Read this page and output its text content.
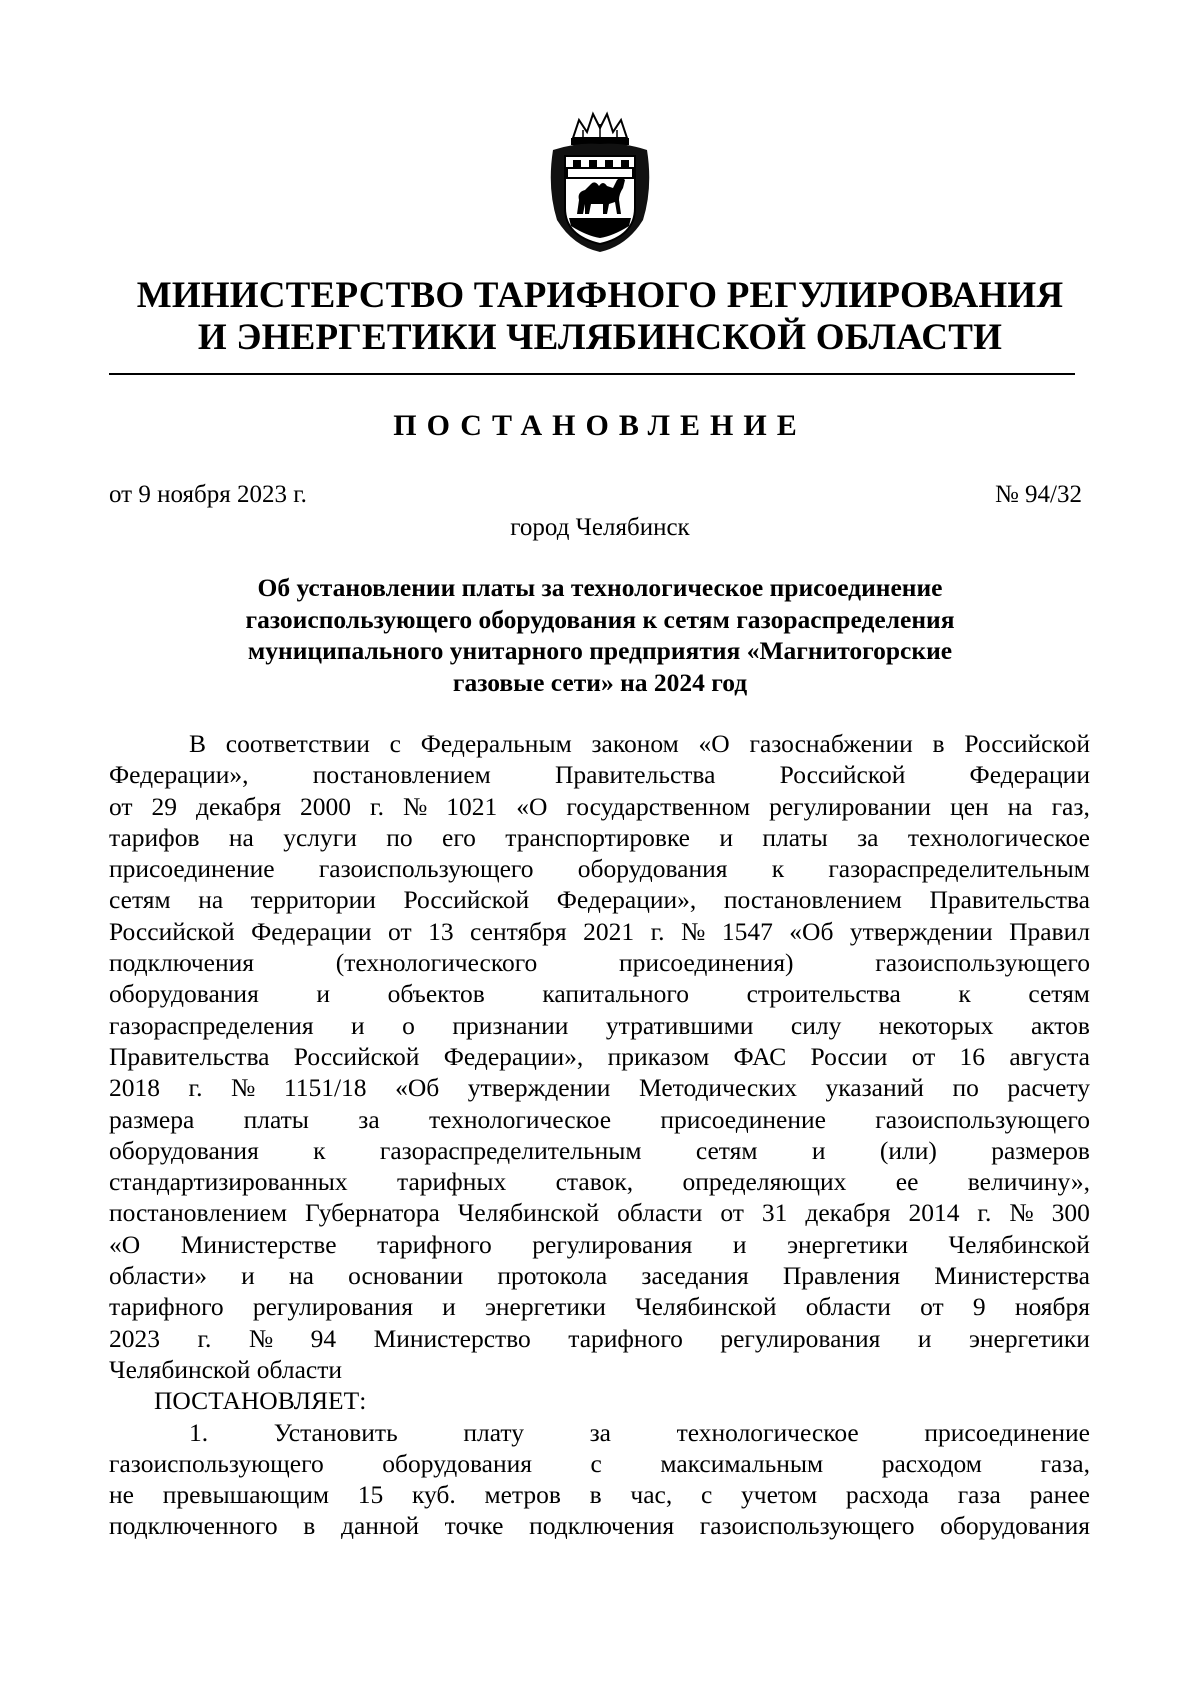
МИНИСТЕРСТВО ТАРИФНОГО РЕГУЛИРОВАНИЯ
И ЭНЕРГЕТИКИ ЧЕЛЯБИНСКОЙ ОБЛАСТИ
ПОСТАНОВЛЕНИЕ
от 9 ноября 2023 г.	№ 94/32
город Челябинск
Об установлении платы за технологическое присоединение
газоиспользующего оборудования к сетям газораспределения
муниципального унитарного предприятия «Магнитогорские
газовые сети» на 2024 год
В соответствии с Федеральным законом «О газоснабжении в Российской
Федерации»,	постановлением	Правительства	Российской	Федерации
от 29 декабря 2000 г. № 1021 «О государственном регулировании цен на газ,
тарифов на услуги по его транспортировке и платы за технологическое
присоединение газоиспользующего оборудования к газораспределительным
сетям на территории Российской Федерации», постановлением Правительства
Российской Федерации от 13 сентября 2021 г. № 1547 «Об утверждении Правил
подключения	(технологического	присоединения)	газоиспользующего
оборудования и объектов капитального строительства к сетям
газораспределения и о признании утратившими силу некоторых актов
Правительства Российской Федерации», приказом ФАС России от 16 августа
2018 г. № 1151/18 «Об утверждении Методических указаний по расчету
размера платы за технологическое присоединение газоиспользующего
оборудования к газораспределительным сетям и (или) размеров
стандартизированных тарифных ставок, определяющих ее величину»,
постановлением Губернатора Челябинской области от 31 декабря 2014 г. № 300
«О Министерстве тарифного регулирования и энергетики Челябинской
области» и на основании протокола заседания Правления Министерства
тарифного регулирования и энергетики Челябинской области от 9 ноября
2023 г. № 94 Министерство тарифного регулирования и энергетики
Челябинской области
ПОСТАНОВЛЯЕТ:
1.	Установить	плату	за	технологическое	присоединение
газоиспользующего оборудования с максимальным расходом газа,
не превышающим 15 куб. метров в час, с учетом расхода газа ранее
подключенного в данной точке подключения газоиспользующего оборудования
